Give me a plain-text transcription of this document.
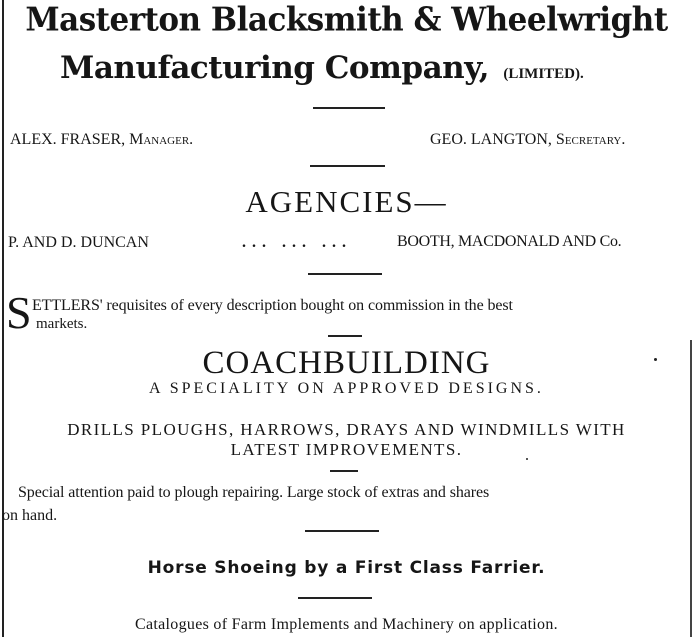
Masterton Blacksmith & Wheelwright
Manufacturing Company, (LIMITED).
ALEX. FRASER, Manager.	GEO. LANGTON, Secretary.
AGENCIES—
P. AND D. DUNCAN	... ... ...	BOOTH, MACDONALD AND Co.
S ETTLERS' requisites of every description bought on commission in the best
markets.
COACHBUILDING
A SPECIALITY ON APPROVED DESIGNS.
DRILLS PLOUGHS, HARROWS, DRAYS AND WINDMILLS WITH
LATEST IMPROVEMENTS.
Special attention paid to plough repairing. Large stock of extras and shares
on hand.
Horse Shoeing by a First Class Farrier.
Catalogues of Farm Implements and Machinery on application.
